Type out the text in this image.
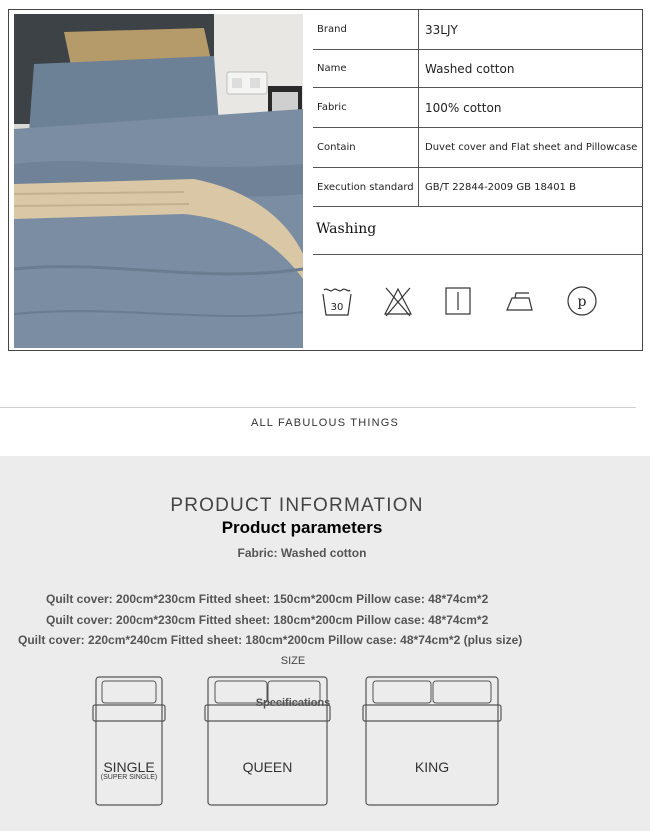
Brand	33LJY
Name	Washed cotton
Fabric	100% cotton
Contain	Duvet cover and Flat sheet and Pillowcase
Execution standard	GB/T 22844-2009 GB 18401 B
Washing
30	p
ALL FABULOUS THINGS
PRODUCT INFORMATION
Product parameters
Fabric: Washed cotton
Quilt cover: 200cm*230cm Fitted sheet: 150cm*200cm Pillow case: 48*74cm*2
Quilt cover: 200cm*230cm Fitted sheet: 180cm*200cm Pillow case: 48*74cm*2
Quilt cover: 220cm*240cm Fitted sheet: 180cm*200cm Pillow case: 48*74cm*2 (plus size)
SIZE
SINGLE
(SUPER SINGLE)
QUEEN	KING
Specifications
